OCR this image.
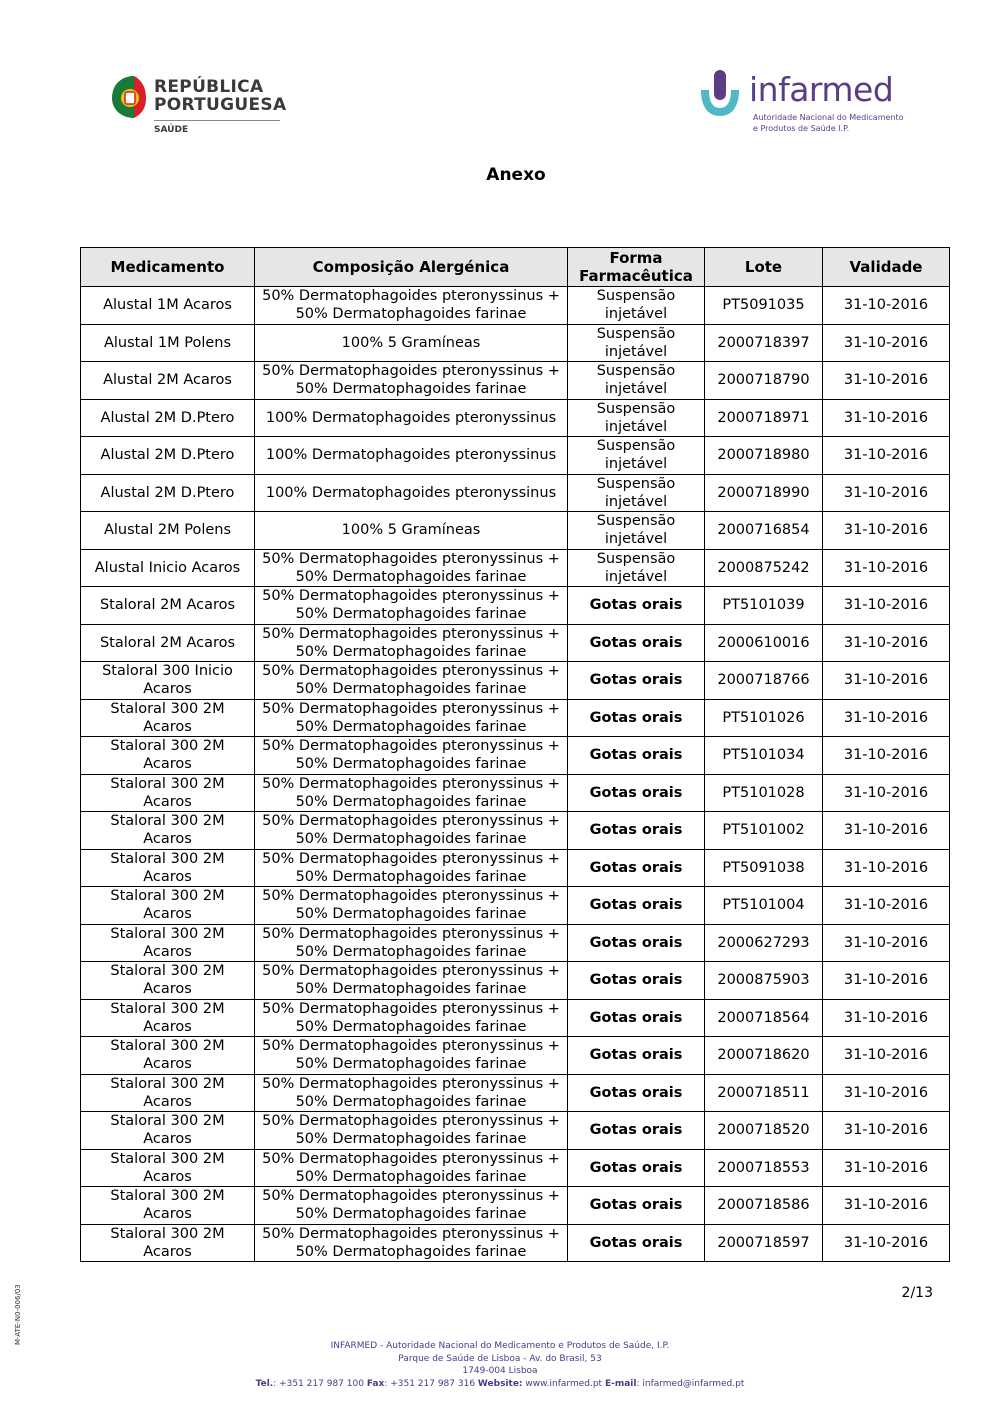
REPÚBLICA
PORTUGUESA
SAÚDE
infarmed
Autoridade Nacional do Medicamento
e Produtos de Saúde I.P.
Anexo
Medicamento	Composição Alergénica	Forma Farmacêutica	Lote	Validade
Alustal 1M Acaros	50% Dermatophagoides pteronyssinus + 50% Dermatophagoides farinae	Suspensão injetável	PT5091035	31-10-2016
Alustal 1M Polens	100% 5 Gramíneas	Suspensão injetável	2000718397	31-10-2016
Alustal 2M Acaros	50% Dermatophagoides pteronyssinus + 50% Dermatophagoides farinae	Suspensão injetável	2000718790	31-10-2016
Alustal 2M D.Ptero	100% Dermatophagoides pteronyssinus	Suspensão injetável	2000718971	31-10-2016
Alustal 2M D.Ptero	100% Dermatophagoides pteronyssinus	Suspensão injetável	2000718980	31-10-2016
Alustal 2M D.Ptero	100% Dermatophagoides pteronyssinus	Suspensão injetável	2000718990	31-10-2016
Alustal 2M Polens	100% 5 Gramíneas	Suspensão injetável	2000716854	31-10-2016
Alustal Inicio Acaros	50% Dermatophagoides pteronyssinus + 50% Dermatophagoides farinae	Suspensão injetável	2000875242	31-10-2016
Staloral 2M Acaros	50% Dermatophagoides pteronyssinus + 50% Dermatophagoides farinae	Gotas orais	PT5101039	31-10-2016
Staloral 2M Acaros	50% Dermatophagoides pteronyssinus + 50% Dermatophagoides farinae	Gotas orais	2000610016	31-10-2016
Staloral 300 Inicio Acaros	50% Dermatophagoides pteronyssinus + 50% Dermatophagoides farinae	Gotas orais	2000718766	31-10-2016
Staloral 300 2M Acaros	50% Dermatophagoides pteronyssinus + 50% Dermatophagoides farinae	Gotas orais	PT5101026	31-10-2016
Staloral 300 2M Acaros	50% Dermatophagoides pteronyssinus + 50% Dermatophagoides farinae	Gotas orais	PT5101034	31-10-2016
Staloral 300 2M Acaros	50% Dermatophagoides pteronyssinus + 50% Dermatophagoides farinae	Gotas orais	PT5101028	31-10-2016
Staloral 300 2M Acaros	50% Dermatophagoides pteronyssinus + 50% Dermatophagoides farinae	Gotas orais	PT5101002	31-10-2016
Staloral 300 2M Acaros	50% Dermatophagoides pteronyssinus + 50% Dermatophagoides farinae	Gotas orais	PT5091038	31-10-2016
Staloral 300 2M Acaros	50% Dermatophagoides pteronyssinus + 50% Dermatophagoides farinae	Gotas orais	PT5101004	31-10-2016
Staloral 300 2M Acaros	50% Dermatophagoides pteronyssinus + 50% Dermatophagoides farinae	Gotas orais	2000627293	31-10-2016
Staloral 300 2M Acaros	50% Dermatophagoides pteronyssinus + 50% Dermatophagoides farinae	Gotas orais	2000875903	31-10-2016
Staloral 300 2M Acaros	50% Dermatophagoides pteronyssinus + 50% Dermatophagoides farinae	Gotas orais	2000718564	31-10-2016
Staloral 300 2M Acaros	50% Dermatophagoides pteronyssinus + 50% Dermatophagoides farinae	Gotas orais	2000718620	31-10-2016
Staloral 300 2M Acaros	50% Dermatophagoides pteronyssinus + 50% Dermatophagoides farinae	Gotas orais	2000718511	31-10-2016
Staloral 300 2M Acaros	50% Dermatophagoides pteronyssinus + 50% Dermatophagoides farinae	Gotas orais	2000718520	31-10-2016
Staloral 300 2M Acaros	50% Dermatophagoides pteronyssinus + 50% Dermatophagoides farinae	Gotas orais	2000718553	31-10-2016
Staloral 300 2M Acaros	50% Dermatophagoides pteronyssinus + 50% Dermatophagoides farinae	Gotas orais	2000718586	31-10-2016
Staloral 300 2M Acaros	50% Dermatophagoides pteronyssinus + 50% Dermatophagoides farinae	Gotas orais	2000718597	31-10-2016
2/13
M-ATE-N0-006/03
INFARMED - Autoridade Nacional do Medicamento e Produtos de Saúde, I.P.
Parque de Saúde de Lisboa - Av. do Brasil, 53
1749-004 Lisboa
Tel.: +351 217 987 100 Fax: +351 217 987 316 Website: www.infarmed.pt E-mail: infarmed@infarmed.pt
